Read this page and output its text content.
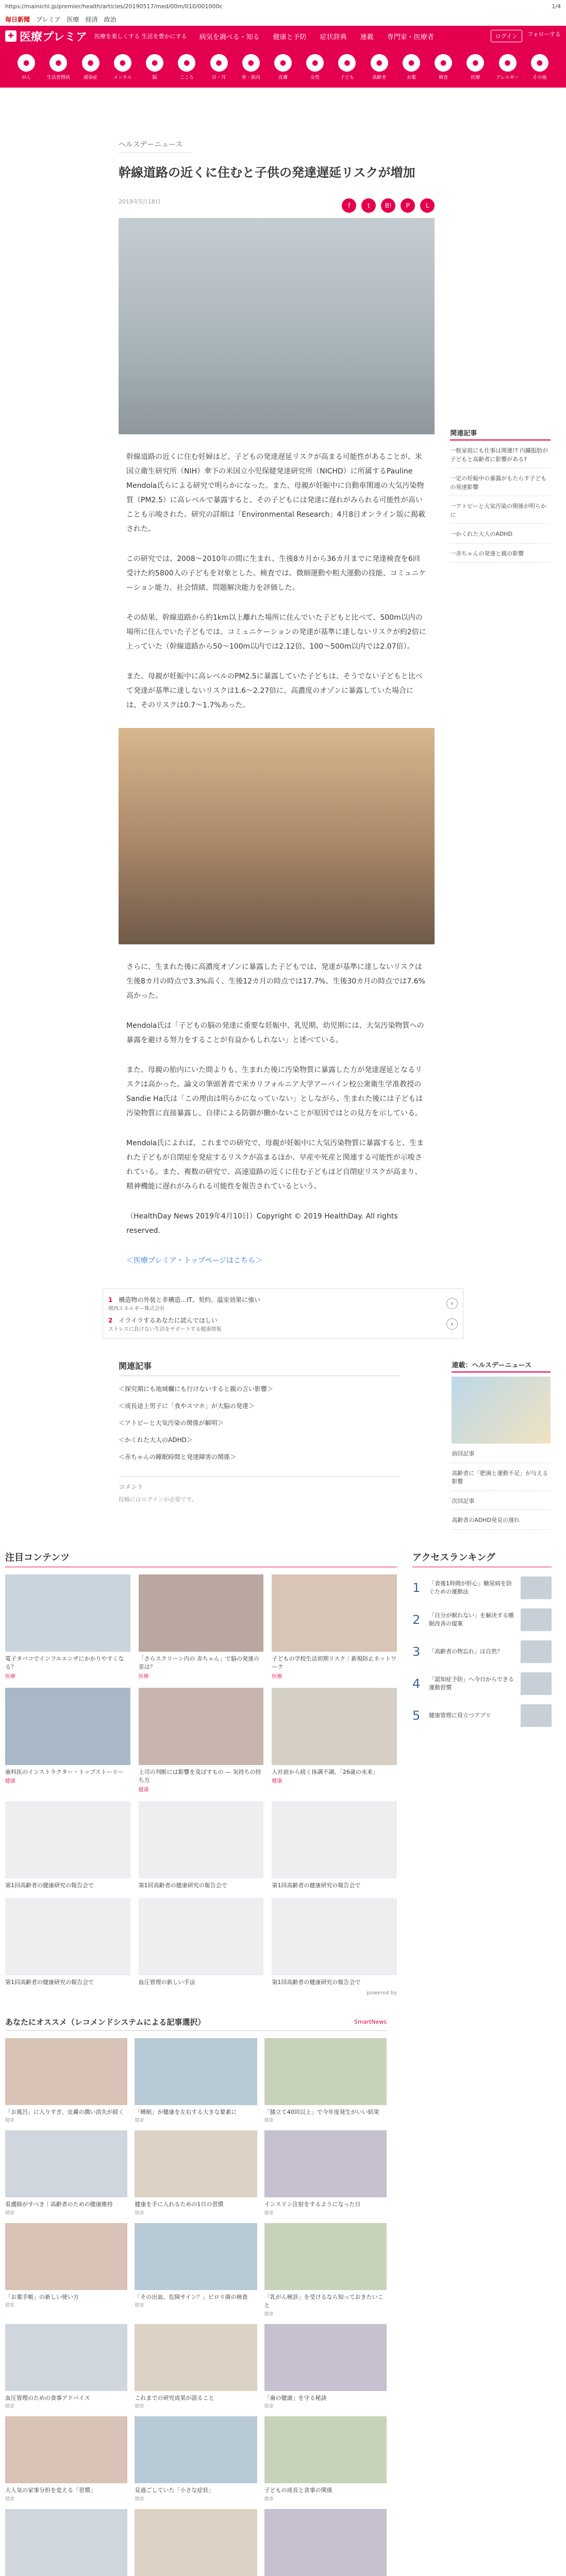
https://mainichi.jp/premier/health/articles/20190517/med/00m/010/001000c	1/4
毎日新聞 プレミア 医療 経済 政治
✚ 医療プレミア 医療を楽しくする 生活を豊かにする 病気を調べる・知る 健康と予防 症状辞典 連載 専門家・医療者	ログイン	フォローする
●
がん
●
生活習慣病
●
感染症
●
メンタル
●
脳
●
こころ
●
目・耳
●
骨・筋肉
●
皮膚
●
女性
●
子ども
●
高齢者
●
お薬
●
検査
●
医療
●
アレルギー
●
その他
ヘルスデーニュース
幹線道路の近くに住むと子供の発達遅延リスクが増加
2019年5月18日
f	t	B!	P	L

幹線道路の近くに住む妊婦ほど、子どもの発達遅延リスクが高まる可能性があることが、米国立衛生研究所（NIH）傘下の米国立小児保健発達研究所（NICHD）に所属するPauline Mendola氏らによる研究で明らかになった。また、母親が妊娠中に自動車関連の大気汚染物質（PM2.5）に高レベルで暴露すると、その子どもには発達に遅れがみられる可能性が高いことも示唆された。研究の詳細は「Environmental Research」4月8日オンライン版に掲載された。

この研究では、2008〜2010年の間に生まれ、生後8カ月から36カ月までに発達検査を6回受けた約5800人の子どもを対象とした。検査では、微細運動や粗大運動の技能、コミュニケーション能力、社会情緒、問題解決能力を評価した。

その結果、幹線道路から約1km以上離れた場所に住んでいた子どもと比べて、500m以内の場所に住んでいた子どもでは、コミュニケーションの発達が基準に達しないリスクが約2倍に上っていた（幹線道路から50〜100m以内では2.12倍、100〜500m以内では2.07倍）。

また、母親が妊娠中に高レベルのPM2.5に暴露していた子どもは、そうでない子どもと比べて発達が基準に達しないリスクは1.6〜2.27倍に、高濃度のオゾンに暴露していた場合には、そのリスクは0.7〜1.7%あった。

さらに、生まれた後に高濃度オゾンに暴露した子どもでは、発達が基準に達しないリスクは生後8カ月の時点で3.3%高く、生後12カ月の時点では17.7%、生後30カ月の時点では7.6%高かった。

Mendola氏は「子どもの脳の発達に重要な妊娠中、乳児期、幼児期には、大気汚染物質への暴露を避ける努力をすることが有益かもしれない」と述べている。

また、母親の胎内にいた間よりも、生まれた後に汚染物質に暴露した方が発達遅延となるリスクは高かった。論文の筆頭著者で米カリフォルニア大学アーバイン校公衆衛生学准教授のSandie Ha氏は「この理由は明らかになっていない」としながら、生まれた後には子どもは汚染物質に直接暴露し、自律による防御が働かないことが原因ではとの見方を示している。

Mendola氏によれば、これまでの研究で、母親が妊娠中に大気汚染物質に暴露すると、生まれた子どもが自閉症を発症するリスクが高まるほか、早産や死産と関連する可能性が示唆されている。また、複数の研究で、高速道路の近くに住む子どもほど自閉症リスクが高まり、精神機能に遅れがみられる可能性を報告されているという。

（HealthDay News 2019年4月10日）Copyright © 2019 HealthDay. All rights reserved.

＜医療プレミア・トップページはこちら＞

関連記事
一般家庭にも仕事は関連!? 内臓脂肪が子どもと高齢者に影響がある?
一定の妊娠中の暴露がもたらす子どもの発達影響
一アトピーと大気汚染の関係が明らかに
一かくれた大人のADHD
一赤ちゃんの発達と親の影響
1 構造物の外装と非構造…IT、契約、温室効果に強い
関西エネルギー株式会社
›
2 イライラするあなたに読んでほしい
ストレスに負けない生活をサポートする健康情報
›
関連記事
＜探究期にも地域欄にも行けないすると親の言い影響＞
＜成長途上男子に「食やスマホ」が大脳の発達＞
＜アトピーと大気汚染の関係が解明＞
＜かくれた大人のADHD＞
＜赤ちゃんの睡眠時間と発達障害の関係＞
コメント
投稿にはログインが必要です。
連載：ヘルスデーニュース
前回記事
高齢者に「肥満と運動不足」が与える影響
次回記事
高齢者のADHD発見の遅れ
注目コンテンツ
電子タバコでインフルエンザにかかりやすくなる？
医療
「さらスクリーン内の 赤ちゃん」で脳の発達の差は？
医療
子どもの学校生活初期リスク｜新規防止ネットワーク
医療
歯科医のインストラクター・トップストーリー
健康
上司の判断には影響を及ぼすもの — 気持ちの持ち方
健康
入社前から続く体調不調、「26歳の未来」
健康
第1回高齢者の健康研究の報告会で	第1回高齢者の健康研究の報告会で	第1回高齢者の健康研究の報告会で
第1回高齢者の健康研究の報告会で	血圧管理の新しい手法	第1回高齢者の健康研究の報告会で
powered by
アクセスランキング
1	「食後1時間が肝心」糖尿病を防ぐための運動法
2	「自分が眠れない」を解決する睡眠改善の提案
3	「高齢者の物忘れ」は自然？
4	「認知症予防」へ今日からできる運動習慣
5	健康管理に役立つアプリ
あなたにオススメ（レコメンドシステムによる記事選択）	SmartNews
「お風呂」に入りすぎ、皮膚の潤い消失が続く
健康
「睡眠」が健康を左右する大きな要素に
健康
「膝立て40回以上」で今年度発生がいい結果
健康
看護師がすべき｜高齢者のための健康維持
健康
健康を手に入れるための1日の習慣
健康
インスリン注射をするようになった日
健康
「お薬手帳」の新しい使い方
健康
「その出血、危険サイン？」ピロリ菌の検査
健康
「乳がん検診」を受けるなら知っておきたいこと
健康
血圧管理のための食事アドバイス
健康
これまでの研究成果が語ること
健康
「歯の健康」を守る秘訣
健康
大人気の家事分担を変える「習慣」
健康
見過ごしていた「小さな症状」
健康
子どもの成長と食事の関係
健康
